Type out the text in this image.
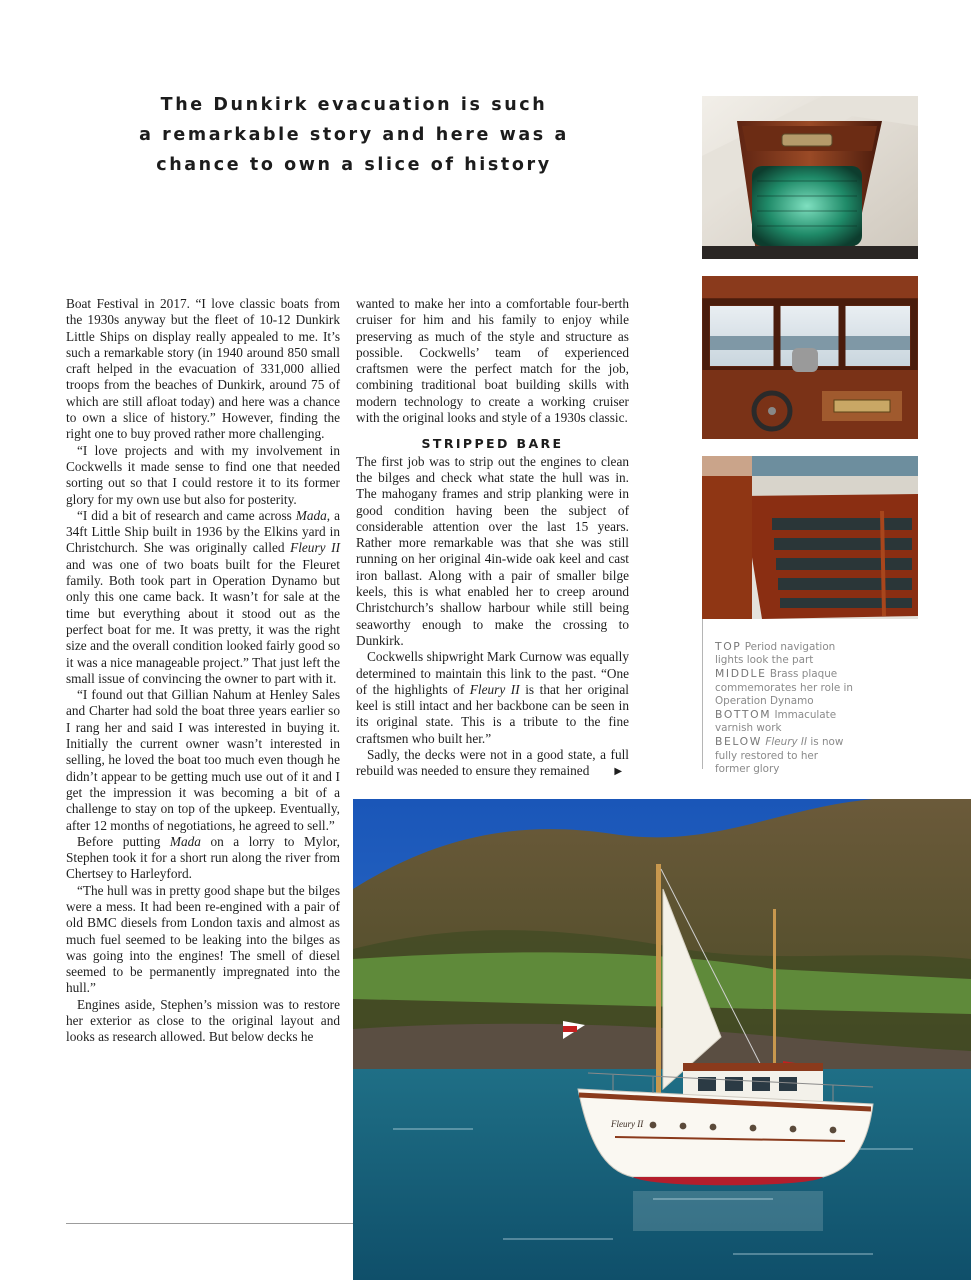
The Dunkirk evacuation is such
a remarkable story and here was a
chance to own a slice of history

Boat Festival in 2017. “I love classic boats from the 1930s anyway but the fleet of 10-12 Dunkirk Little Ships on display really appealed to me. It’s such a remarkable story (in 1940 around 850 small craft helped in the evacuation of 331,000 allied troops from the beaches of Dunkirk, around 75 of which are still afloat today) and here was a chance to own a slice of history.” However, finding the right one to buy proved rather more challenging.

“I love projects and with my involvement in Cockwells it made sense to find one that needed sorting out so that I could restore it to its former glory for my own use but also for posterity.

“I did a bit of research and came across Mada, a 34ft Little Ship built in 1936 by the Elkins yard in Christchurch. She was originally called Fleury II and was one of two boats built for the Fleuret family. Both took part in Operation Dynamo but only this one came back. It wasn’t for sale at the time but everything about it stood out as the perfect boat for me. It was pretty, it was the right size and the overall condition looked fairly good so it was a nice manageable project.” That just left the small issue of convincing the owner to part with it.

“I found out that Gillian Nahum at Henley Sales and Charter had sold the boat three years earlier so I rang her and said I was interested in buying it. Initially the current owner wasn’t interested in selling, he loved the boat too much even though he didn’t appear to be getting much use out of it and I get the impression it was becoming a bit of a challenge to stay on top of the upkeep. Eventually, after 12 months of negotiations, he agreed to sell.”

Before putting Mada on a lorry to Mylor, Stephen took it for a short run along the river from Chertsey to Harleyford.

“The hull was in pretty good shape but the bilges were a mess. It had been re-engined with a pair of old BMC diesels from London taxis and almost as much fuel seemed to be leaking into the bilges as was going into the engines! The smell of diesel seemed to be permanently impregnated into the hull.”

Engines aside, Stephen’s mission was to restore her exterior as close to the original layout and looks as research allowed. But below decks he

wanted to make her into a comfortable four-berth cruiser for him and his family to enjoy while preserving as much of the style and structure as possible. Cockwells’ team of experienced craftsmen were the perfect match for the job, combining traditional boat building skills with modern technology to create a working cruiser with the original looks and style of a 1930s classic.

STRIPPED BARE

The first job was to strip out the engines to clean the bilges and check what state the hull was in. The mahogany frames and strip planking were in good condition having been the subject of considerable attention over the last 15 years. Rather more remarkable was that she was still running on her original 4in-wide oak keel and cast iron ballast. Along with a pair of smaller bilge keels, this is what enabled her to creep around Christchurch’s shallow harbour while still being seaworthy enough to make the crossing to Dunkirk.

Cockwells shipwright Mark Curnow was equally determined to maintain this link to the past. “One of the highlights of Fleury II is that her original keel is still intact and her backbone can be seen in its original state. This is a tribute to the fine craftsmen who built her.”

Sadly, the decks were not in a good state, a full rebuild was needed to ensure they remained	▶

TOP Period navigation
lights look the part
MIDDLE Brass plaque
commemorates her role in
Operation Dynamo
BOTTOM Immaculate
varnish work
BELOW Fleury II is now
fully restored to her
former glory
Fleury II
